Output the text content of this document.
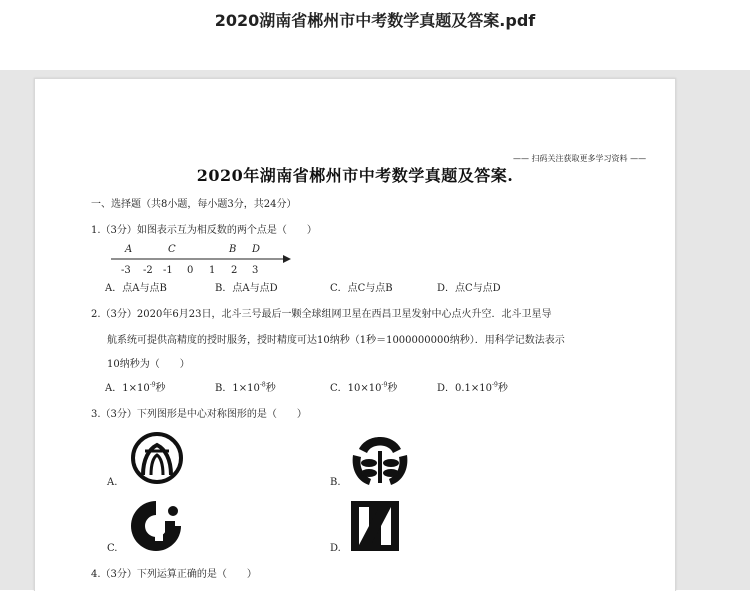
2020湖南省郴州市中考数学真题及答案.pdf
—— 扫码关注获取更多学习资料 ——
2020年湖南省郴州市中考数学真题及答案.
一、选择题（共8小题，每小题3分，共24分）
1.（3分）如图表示互为相反数的两个点是（　　）
A	C	B D
-3 -2 -1 0 1 2 3
A．点A与点B	B．点A与点D	C．点C与点B	D．点C与点D
2.（3分）2020年6月23日，北斗三号最后一颗全球组网卫星在西昌卫星发射中心点火升空．北斗卫星导
航系统可提供高精度的授时服务，授时精度可达10纳秒（1秒＝1000000000纳秒）．用科学记数法表示
10纳秒为（　　）
A．$1\times 10^{-9}$秒	B．$1\times 10^{-8}$秒	C．$10\times 10^{-9}$秒	D．$0.1\times 10^{-9}$秒
3.（3分）下列图形是中心对称图形的是（　　）
A.	B.
C.	D.
4.（3分）下列运算正确的是（　　）
